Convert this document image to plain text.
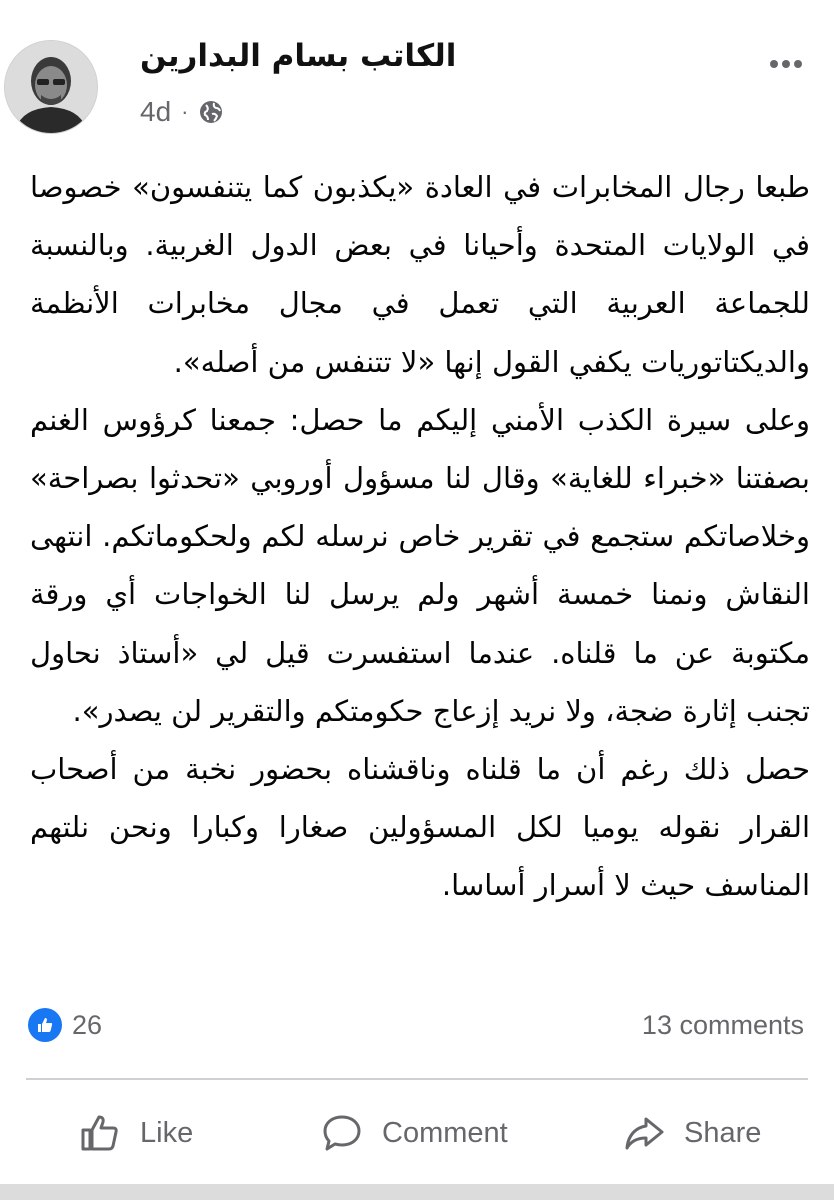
الكاتب بسام البدارين
4d ·

طبعا رجال المخابرات في العادة «يكذبون كما يتنفسون» خصوصا في الولايات المتحدة وأحيانا في بعض الدول الغربية. وبالنسبة للجماعة العربية التي تعمل في مجال مخابرات الأنظمة والديكتاتوريات يكفي القول إنها «لا تتنفس من أصله».

وعلى سيرة الكذب الأمني إليكم ما حصل: جمعنا كرؤوس الغنم بصفتنا «خبراء للغاية» وقال لنا مسؤول أوروبي «تحدثوا بصراحة» وخلاصاتكم ستجمع في تقرير خاص نرسله لكم ولحكوماتكم. انتهى النقاش ونمنا خمسة أشهر ولم يرسل لنا الخواجات أي ورقة مكتوبة عن ما قلناه. عندما استفسرت قيل لي «أستاذ نحاول تجنب إثارة ضجة، ولا نريد إزعاج حكومتكم والتقرير لن يصدر».

حصل ذلك رغم أن ما قلناه وناقشناه بحضور نخبة من أصحاب القرار نقوله يوميا لكل المسؤولين صغارا وكبارا ونحن نلتهم المناسف حيث لا أسرار أساسا.

26	13 comments
Like	Comment	Share
